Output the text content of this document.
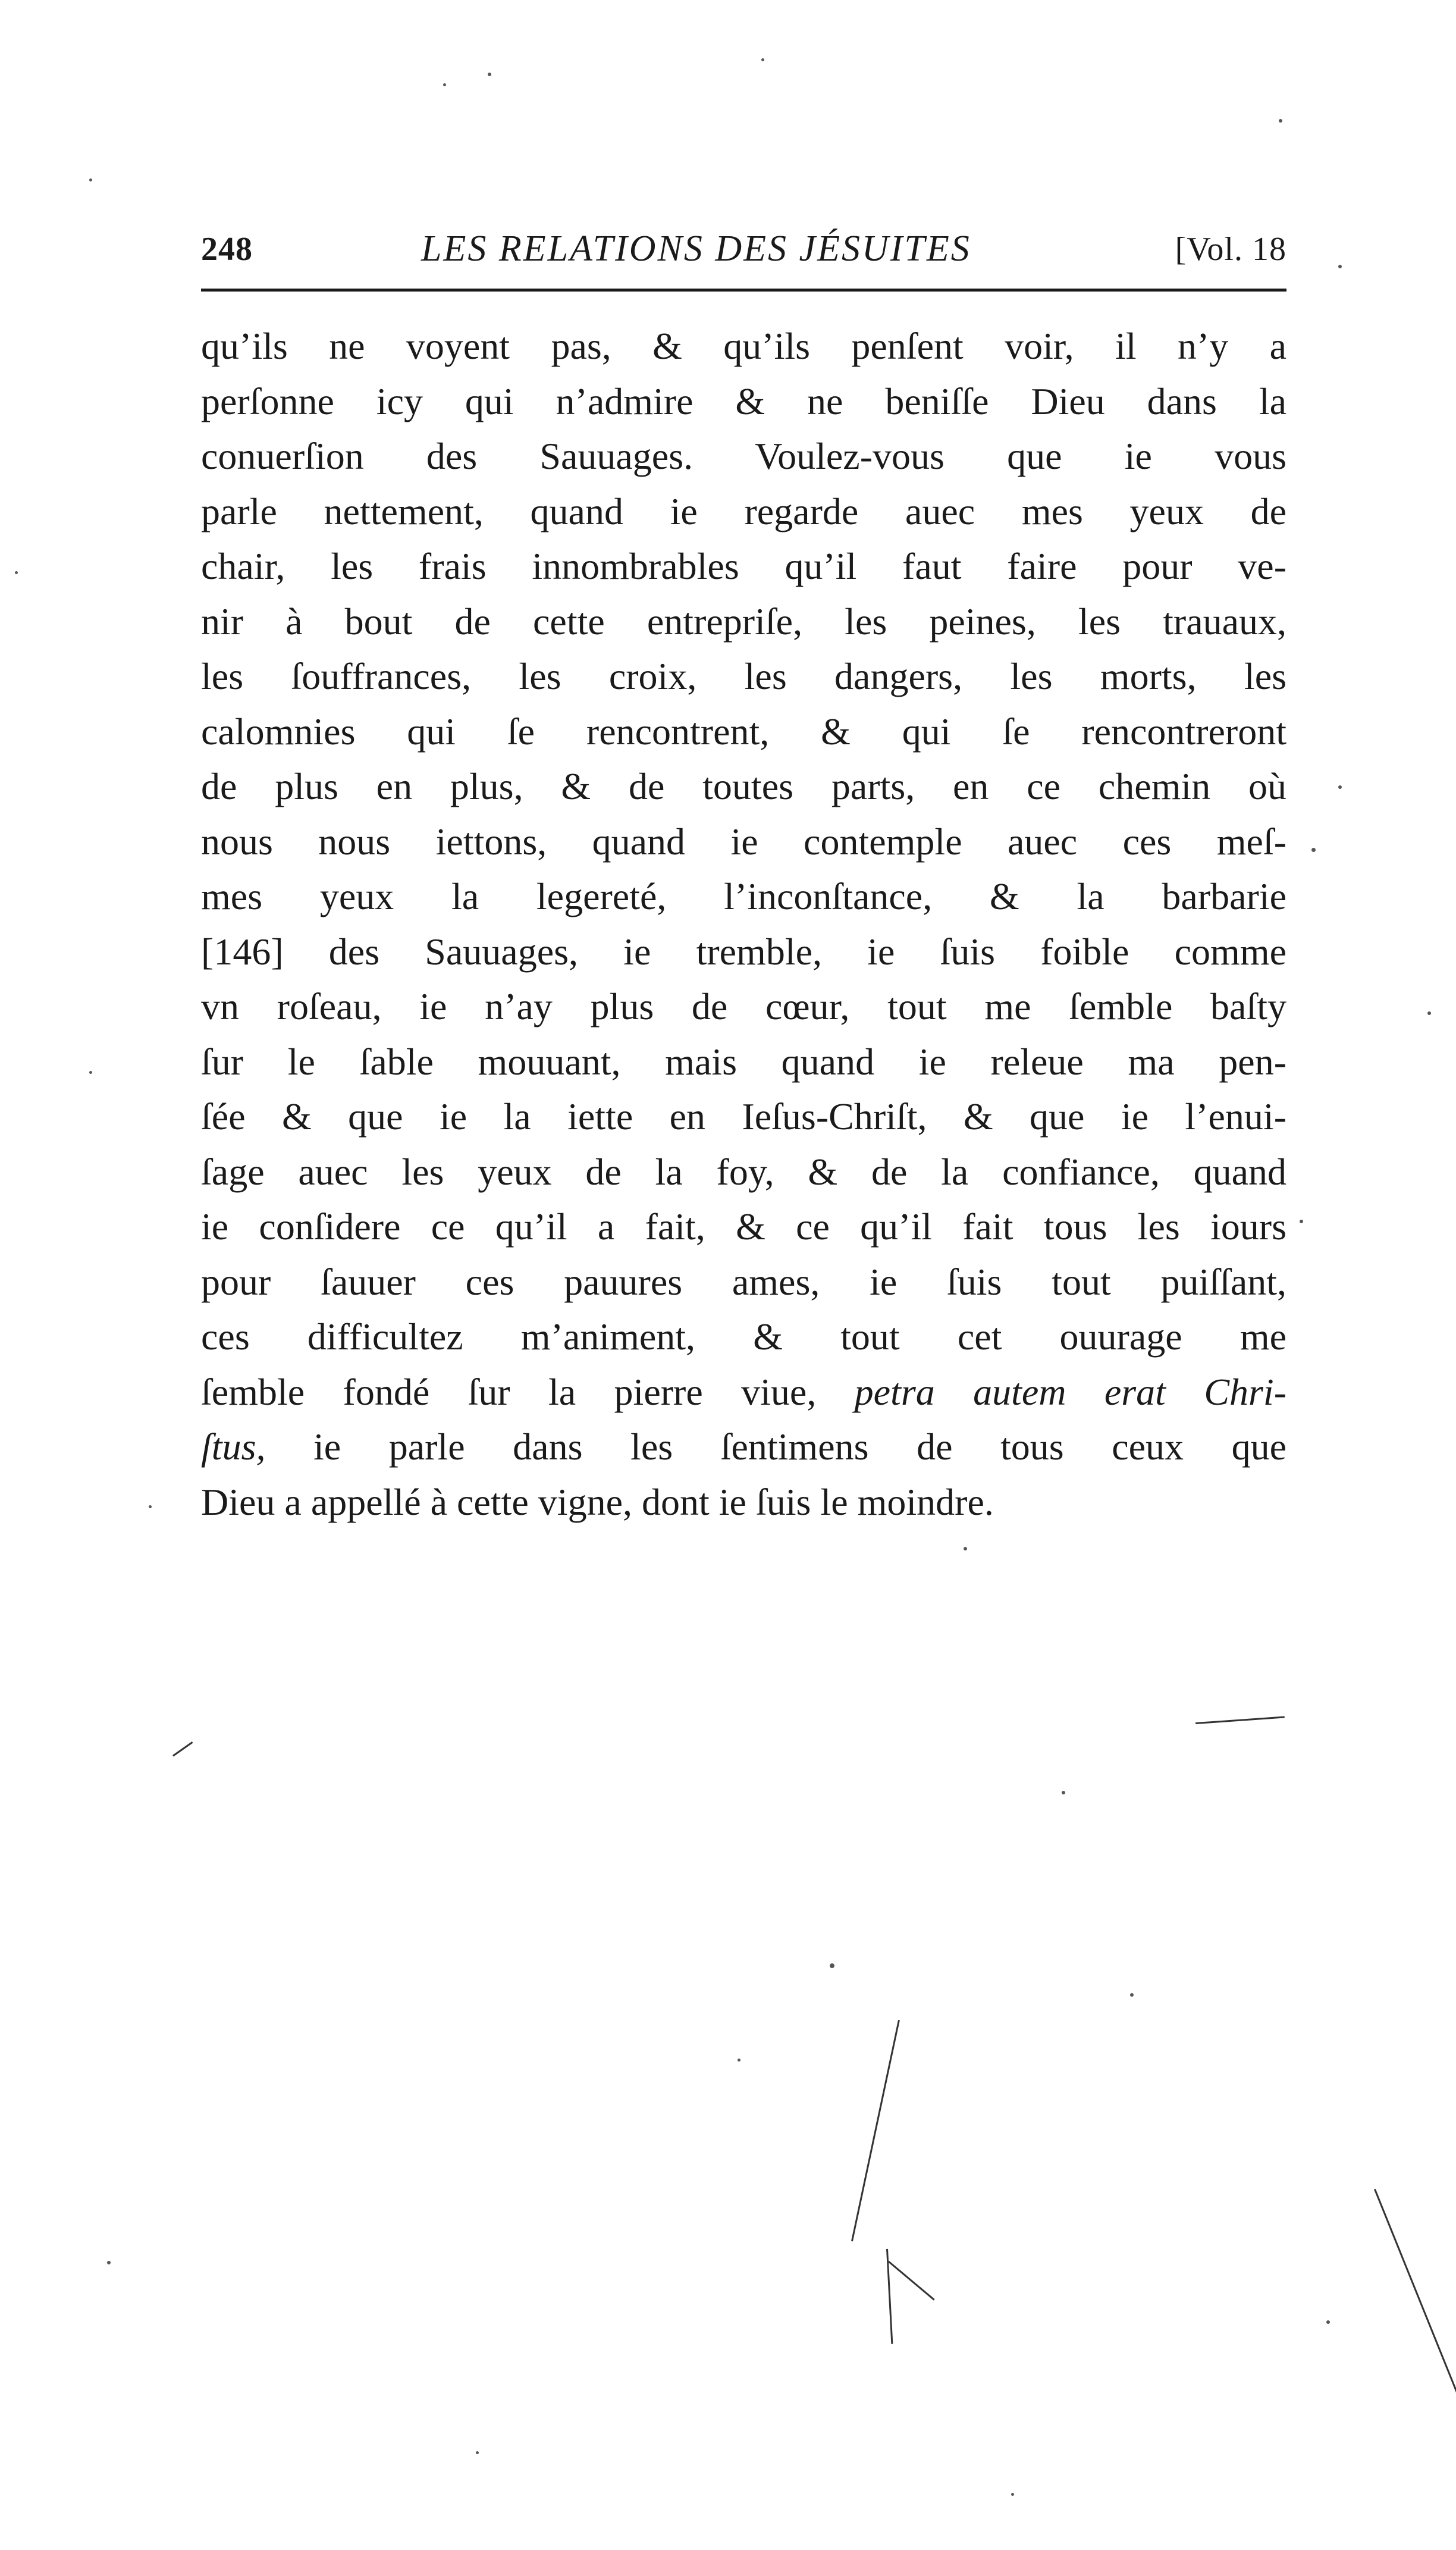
248	LES RELATIONS DES JÉSUITES	[Vol. 18
qu’ils ne voyent pas, & qu’ils penſent voir, il n’y a
perſonne icy qui n’admire & ne beniſſe Dieu dans la
conuerſion des Sauuages. Voulez-vous que ie vous
parle nettement, quand ie regarde auec mes yeux de
chair, les frais innombrables qu’il faut faire pour ve-
nir à bout de cette entrepriſe, les peines, les trauaux,
les ſouffrances, les croix, les dangers, les morts, les
calomnies qui ſe rencontrent, & qui ſe rencontreront
de plus en plus, & de toutes parts, en ce chemin où
nous nous iettons, quand ie contemple auec ces meſ-
mes yeux la legereté, l’inconſtance, & la barbarie
[146] des Sauuages, ie tremble, ie ſuis foible comme
vn roſeau, ie n’ay plus de cœur, tout me ſemble baſty
ſur le ſable mouuant, mais quand ie releue ma pen-
ſée & que ie la iette en Ieſus-Chriſt, & que ie l’enui-
ſage auec les yeux de la foy, & de la confiance, quand
ie conſidere ce qu’il a fait, & ce qu’il fait tous les iours
pour ſauuer ces pauures ames, ie ſuis tout puiſſant,
ces difficultez m’animent, & tout cet ouurage me
ſemble fondé ſur la pierre viue, petra autem erat Chri-
ſtus, ie parle dans les ſentimens de tous ceux que
Dieu a appellé à cette vigne, dont ie ſuis le moindre.
